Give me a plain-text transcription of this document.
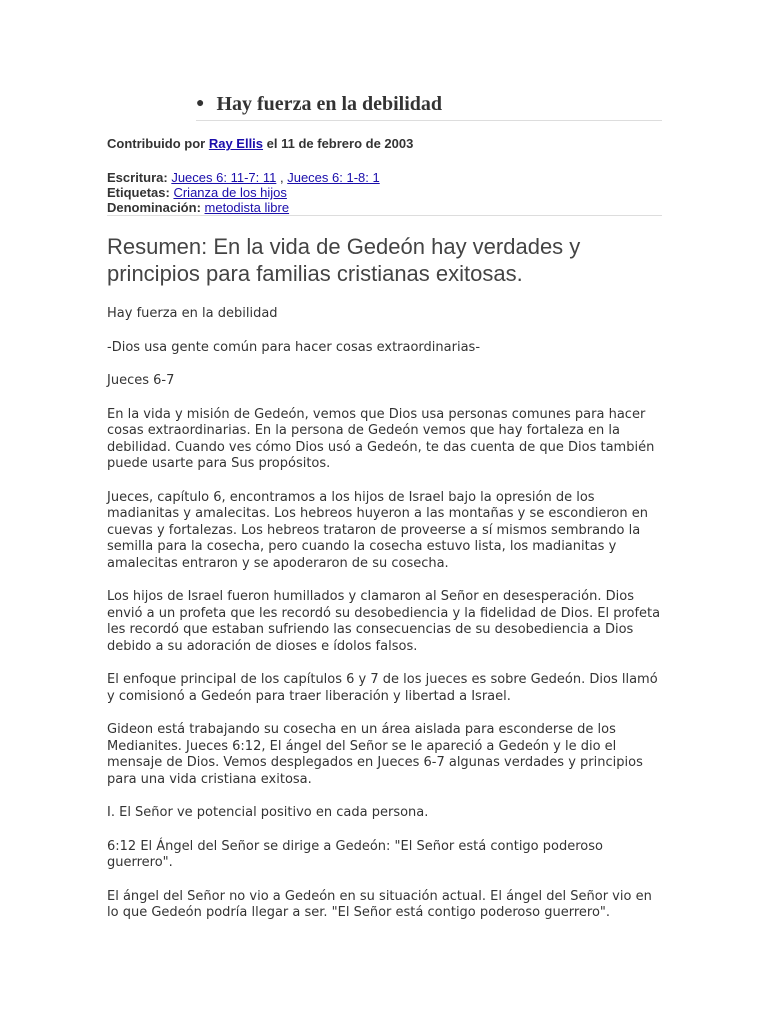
● Hay fuerza en la debilidad
Contribuido por Ray Ellis el 11 de febrero de 2003
Escritura: Jueces 6: 11-7: 11 , Jueces 6: 1-8: 1
Etiquetas: Crianza de los hijos
Denominación: metodista libre
Resumen: En la vida de Gedeón hay verdades y principios para familias cristianas exitosas.

Hay fuerza en la debilidad

-Dios usa gente común para hacer cosas extraordinarias-

Jueces 6-7

En la vida y misión de Gedeón, vemos que Dios usa personas comunes para hacer cosas extraordinarias. En la persona de Gedeón vemos que hay fortaleza en la debilidad. Cuando ves cómo Dios usó a Gedeón, te das cuenta de que Dios también puede usarte para Sus propósitos.

Jueces, capítulo 6, encontramos a los hijos de Israel bajo la opresión de los madianitas y amalecitas. Los hebreos huyeron a las montañas y se escondieron en cuevas y fortalezas. Los hebreos trataron de proveerse a sí mismos sembrando la semilla para la cosecha, pero cuando la cosecha estuvo lista, los madianitas y amalecitas entraron y se apoderaron de su cosecha.

Los hijos de Israel fueron humillados y clamaron al Señor en desesperación. Dios envió a un profeta que les recordó su desobediencia y la fidelidad de Dios. El profeta les recordó que estaban sufriendo las consecuencias de su desobediencia a Dios debido a su adoración de dioses e ídolos falsos.

El enfoque principal de los capítulos 6 y 7 de los jueces es sobre Gedeón. Dios llamó y comisionó a Gedeón para traer liberación y libertad a Israel.

Gideon está trabajando su cosecha en un área aislada para esconderse de los Medianites. Jueces 6:12, El ángel del Señor se le apareció a Gedeón y le dio el mensaje de Dios. Vemos desplegados en Jueces 6-7 algunas verdades y principios para una vida cristiana exitosa.

I. El Señor ve potencial positivo en cada persona.

6:12 El Ángel del Señor se dirige a Gedeón: "El Señor está contigo poderoso guerrero".

El ángel del Señor no vio a Gedeón en su situación actual. El ángel del Señor vio en lo que Gedeón podría llegar a ser. "El Señor está contigo poderoso guerrero".
